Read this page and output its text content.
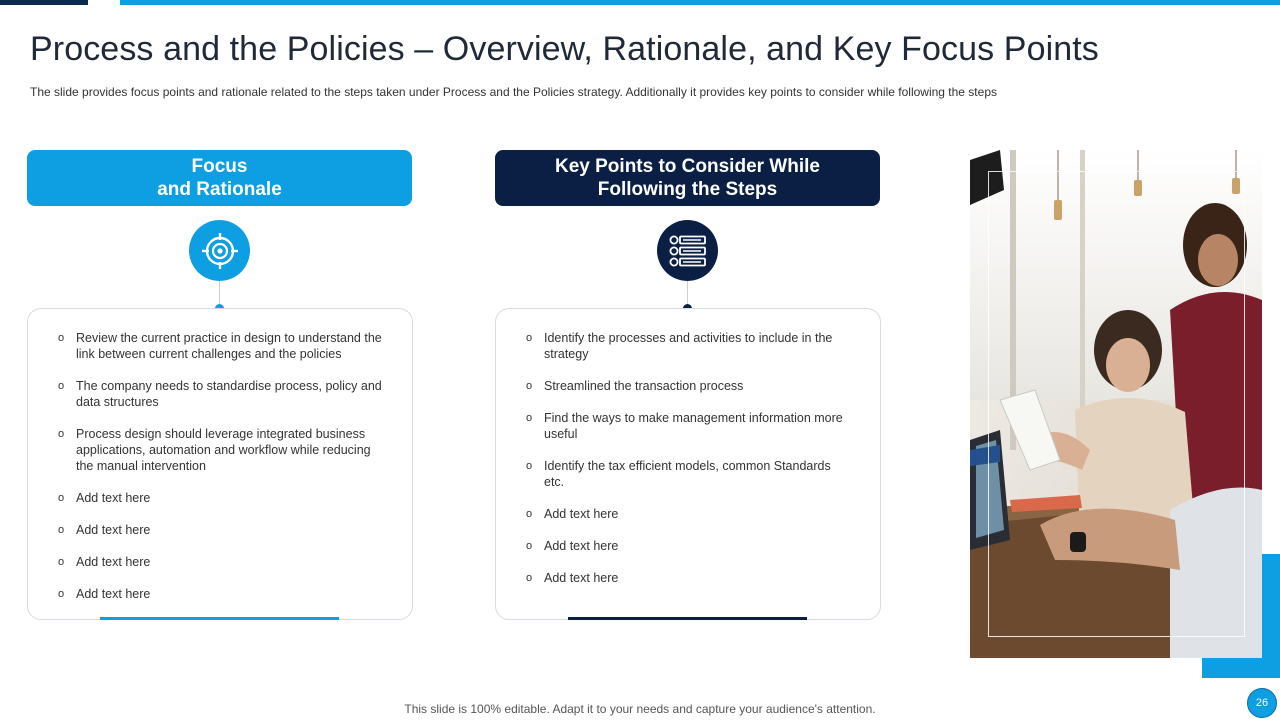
Process and the Policies – Overview, Rationale, and Key Focus Points

The slide provides focus points and rationale related to the steps taken under Process and the Policies strategy. Additionally it provides key points to consider while following the steps

Focus
and Rationale
o Review the current practice in design to understand the link between current challenges and the policies
o The company needs to standardise process, policy and data structures
o Process design should leverage integrated business applications, automation and workflow while reducing the manual intervention
o Add text here
o Add text here
o Add text here
o Add text here
Key Points to Consider While
Following the Steps
o Identify the processes and activities to include in the strategy
o Streamlined the transaction process
o Find the ways to make management information more useful
o Identify the tax efficient models, common Standards etc.
o Add text here
o Add text here
o Add text here
This slide is 100% editable. Adapt it to your needs and capture your audience's attention.	26
